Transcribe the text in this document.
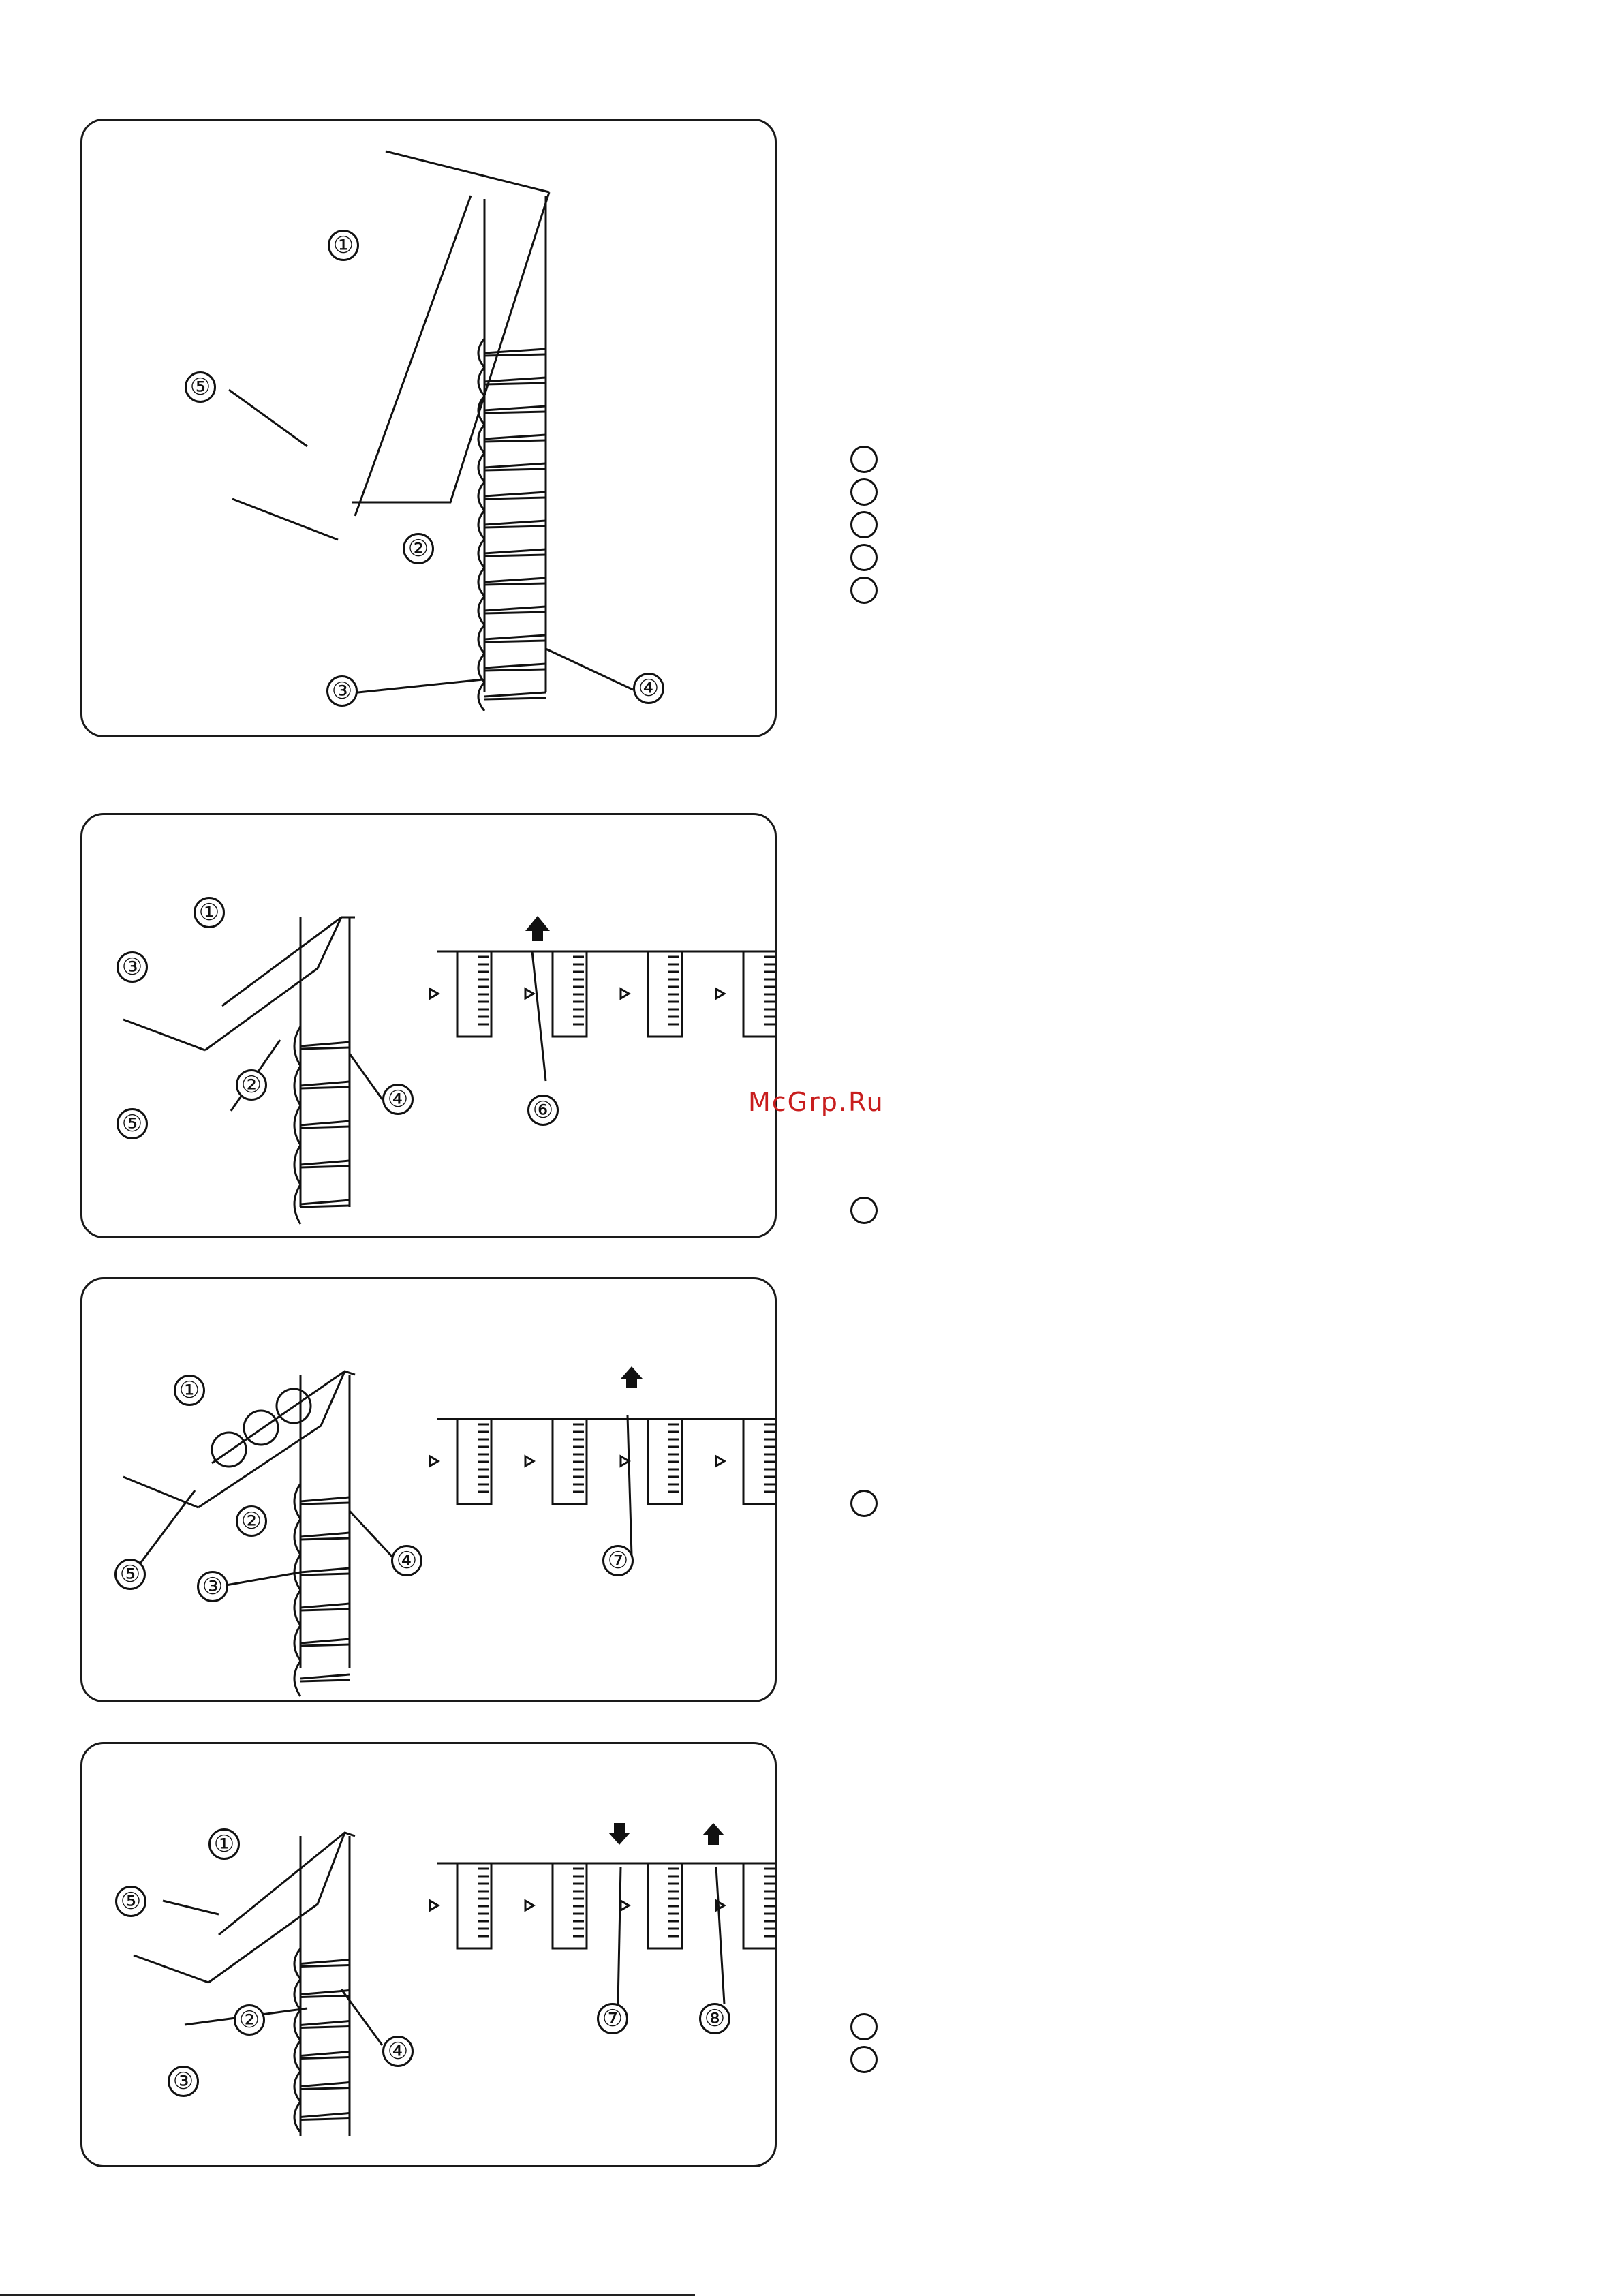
①
②
③	④
⑤
①
②
③
④
⑤	⑥
①
②
③
④
⑤	⑦
①
②
③
④
⑤
⑦	⑧
McGrp.Ru
